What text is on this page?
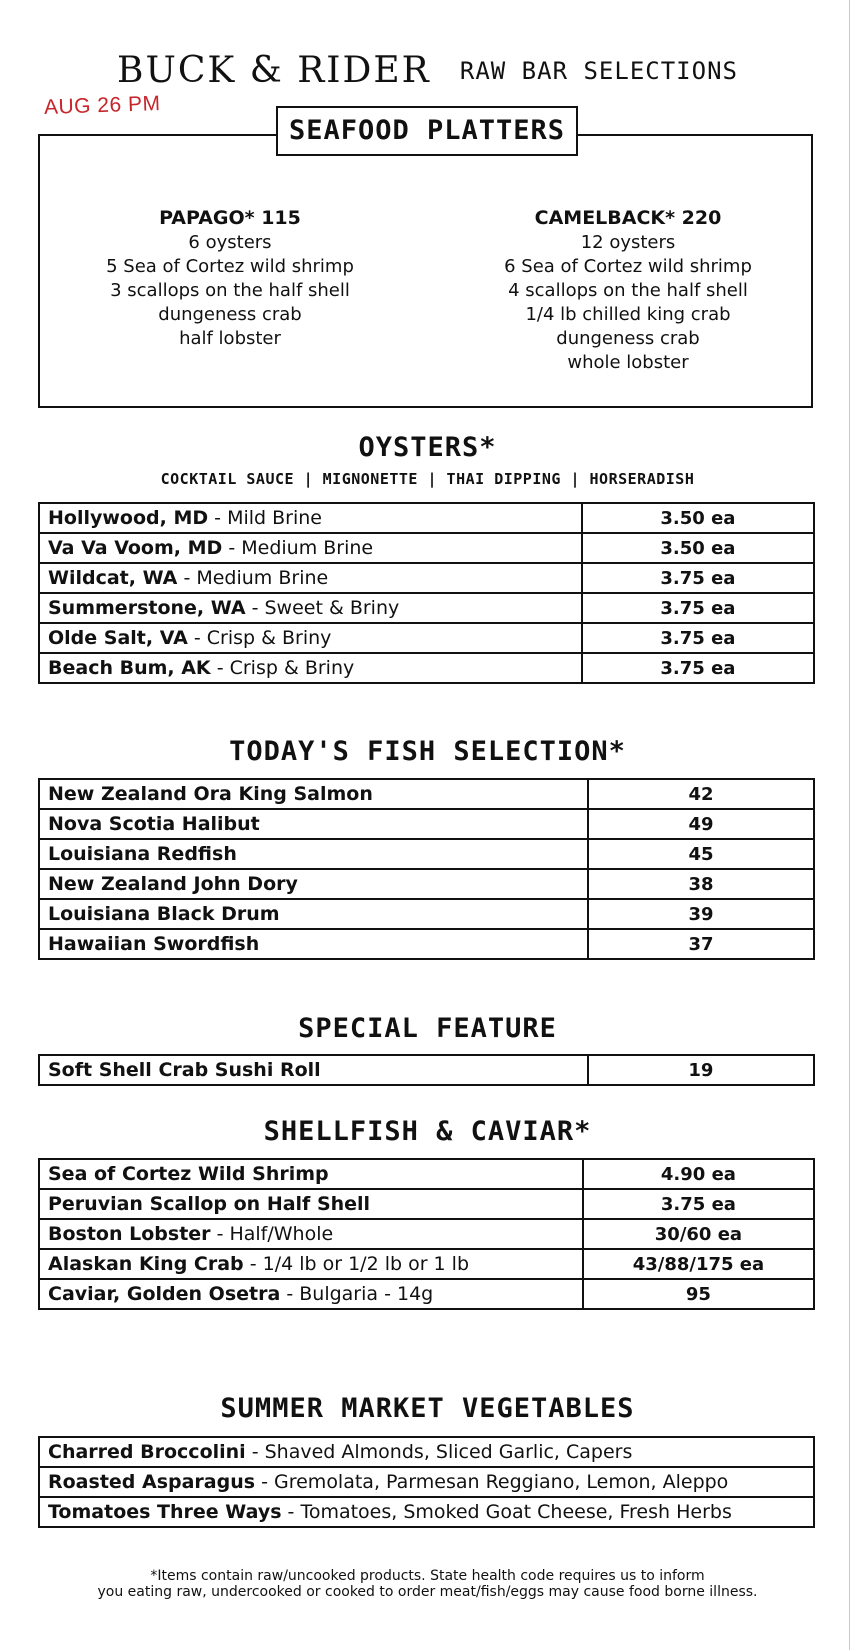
BUCK & RIDER RAW BAR SELECTIONS
AUG 26 PM
SEAFOOD PLATTERS
PAPAGO* 115
6 oysters
5 Sea of Cortez wild shrimp
3 scallops on the half shell
dungeness crab
half lobster
CAMELBACK* 220
12 oysters
6 Sea of Cortez wild shrimp
4 scallops on the half shell
1/4 lb chilled king crab
dungeness crab
whole lobster
OYSTERS*
COCKTAIL SAUCE | MIGNONETTE | THAI DIPPING | HORSERADISH
Hollywood, MD - Mild Brine	3.50 ea
Va Va Voom, MD - Medium Brine	3.50 ea
Wildcat, WA - Medium Brine	3.75 ea
Summerstone, WA - Sweet & Briny	3.75 ea
Olde Salt, VA - Crisp & Briny	3.75 ea
Beach Bum, AK - Crisp & Briny	3.75 ea
TODAY'S FISH SELECTION*
New Zealand Ora King Salmon	42
Nova Scotia Halibut	49
Louisiana Redfish	45
New Zealand John Dory	38
Louisiana Black Drum	39
Hawaiian Swordfish	37
SPECIAL FEATURE
Soft Shell Crab Sushi Roll	19
SHELLFISH & CAVIAR*
Sea of Cortez Wild Shrimp	4.90 ea
Peruvian Scallop on Half Shell	3.75 ea
Boston Lobster - Half/Whole	30/60 ea
Alaskan King Crab - 1/4 lb or 1/2 lb or 1 lb	43/88/175 ea
Caviar, Golden Osetra - Bulgaria - 14g	95
SUMMER MARKET VEGETABLES
Charred Broccolini - Shaved Almonds, Sliced Garlic, Capers
Roasted Asparagus - Gremolata, Parmesan Reggiano, Lemon, Aleppo
Tomatoes Three Ways - Tomatoes, Smoked Goat Cheese, Fresh Herbs
*Items contain raw/uncooked products. State health code requires us to inform
you eating raw, undercooked or cooked to order meat/fish/eggs may cause food borne illness.
